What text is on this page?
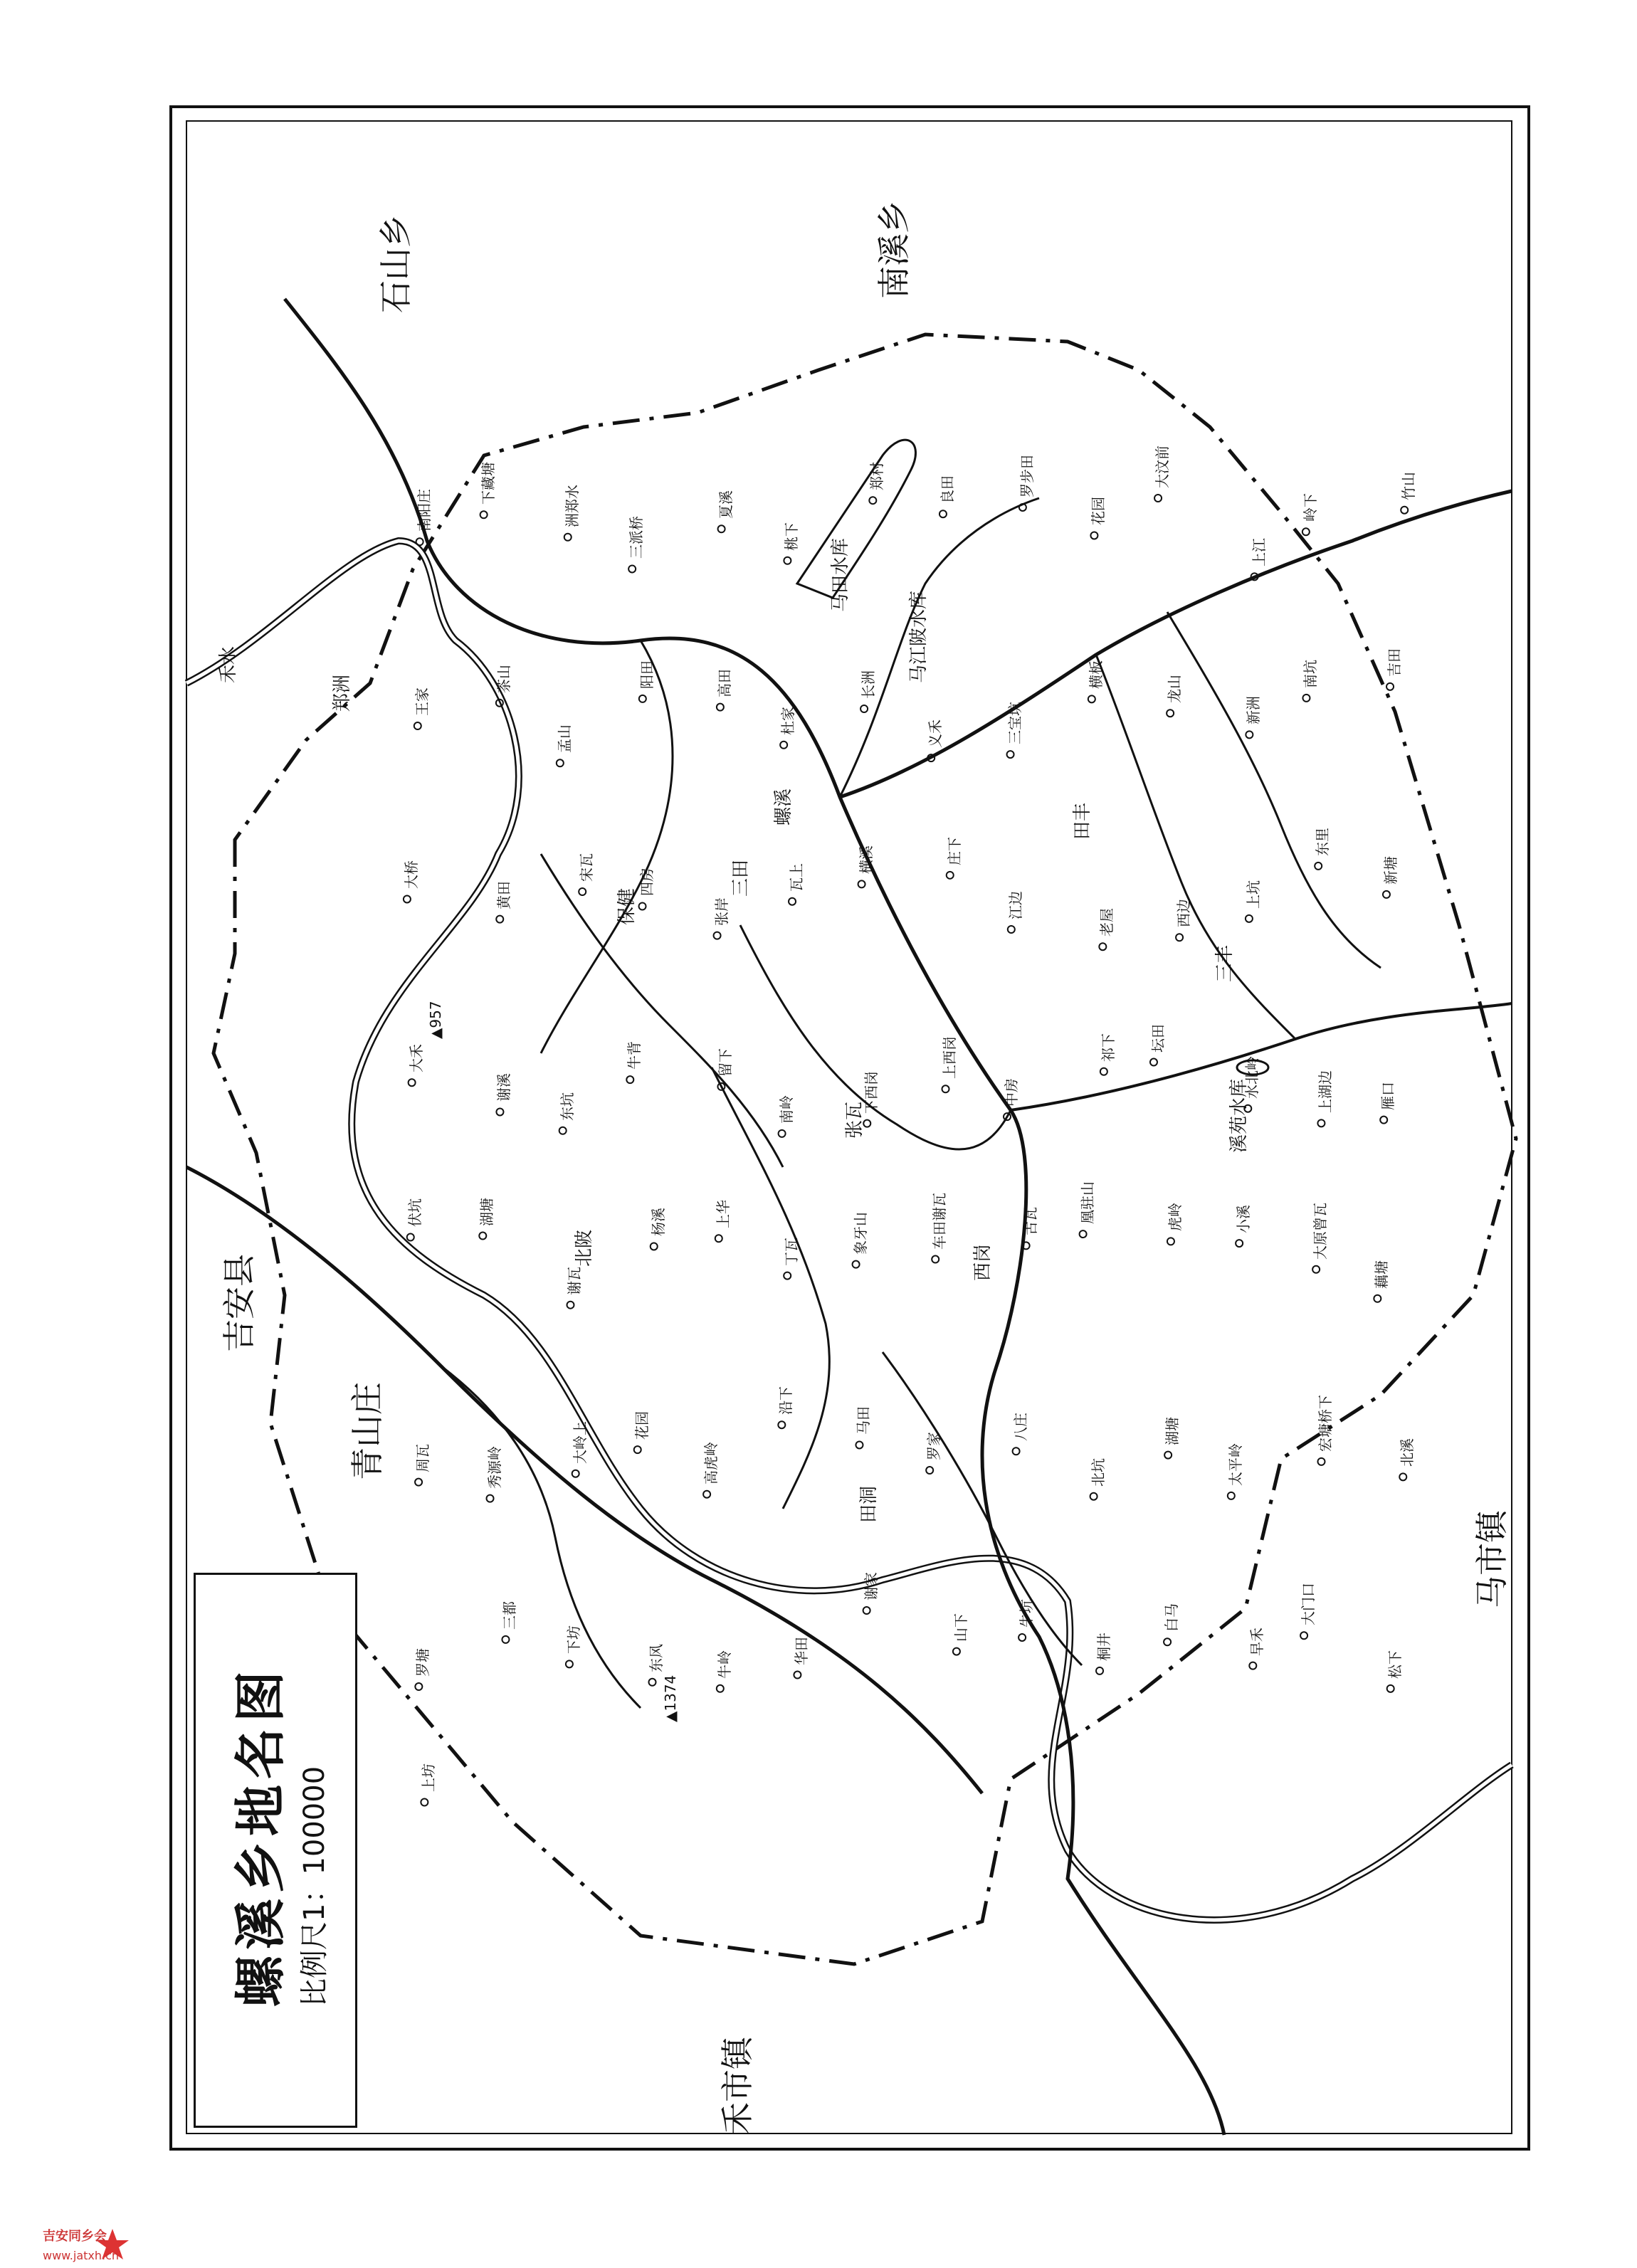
石山乡	南溪乡
马市镇
禾市镇
吉安县
青山庄
禾水
郑洲
保健
三田
螺溪
马田水库
马江陂水库
西岗
溪苑水库
田洞
三丰
田丰
张瓦
北陂
▲957
▲1374
南阳庄
下藏塘
洲郑水
三派桥
夏溪
桃下
郑村	良田	罗步田
花园
大汶前
上江
岭下
竹山
王家
茶山
孟山
阳田	高田
杜家
长洲
义禾	三宝坑
横板	龙山
新洲
南坑	吉田
大桥
黄田
宋瓦
四房
张岸
瓦上
横溪	庄下
江边
老屋	西边
上坑
东里
新塘
大禾
谢溪
东坑
牛背	留下
南岭	下西岗
上西岗
中房
祁下 坛田
水北岭	上湖边	雁口
伏坑	湖塘
谢瓦
杨溪	上华
丁瓦	象牙山	车田谢瓦	古瓦	凰驻山	虎岭	小溪	大原曾瓦
藕塘
周瓦	秀源岭
大岭上	花园
高虎岭
沿下
马田
罗家
八庄
北坑
湖塘
太平岭
宏塘桥下
北溪
罗塘
三都
下坊
东风	牛岭	华田
谢家
山下	牛坑
桐井
白马
早禾
大门口
松下
上坊
螺溪乡地名图 比例尺1：100000
吉安同乡会
www.jatxh.cn
